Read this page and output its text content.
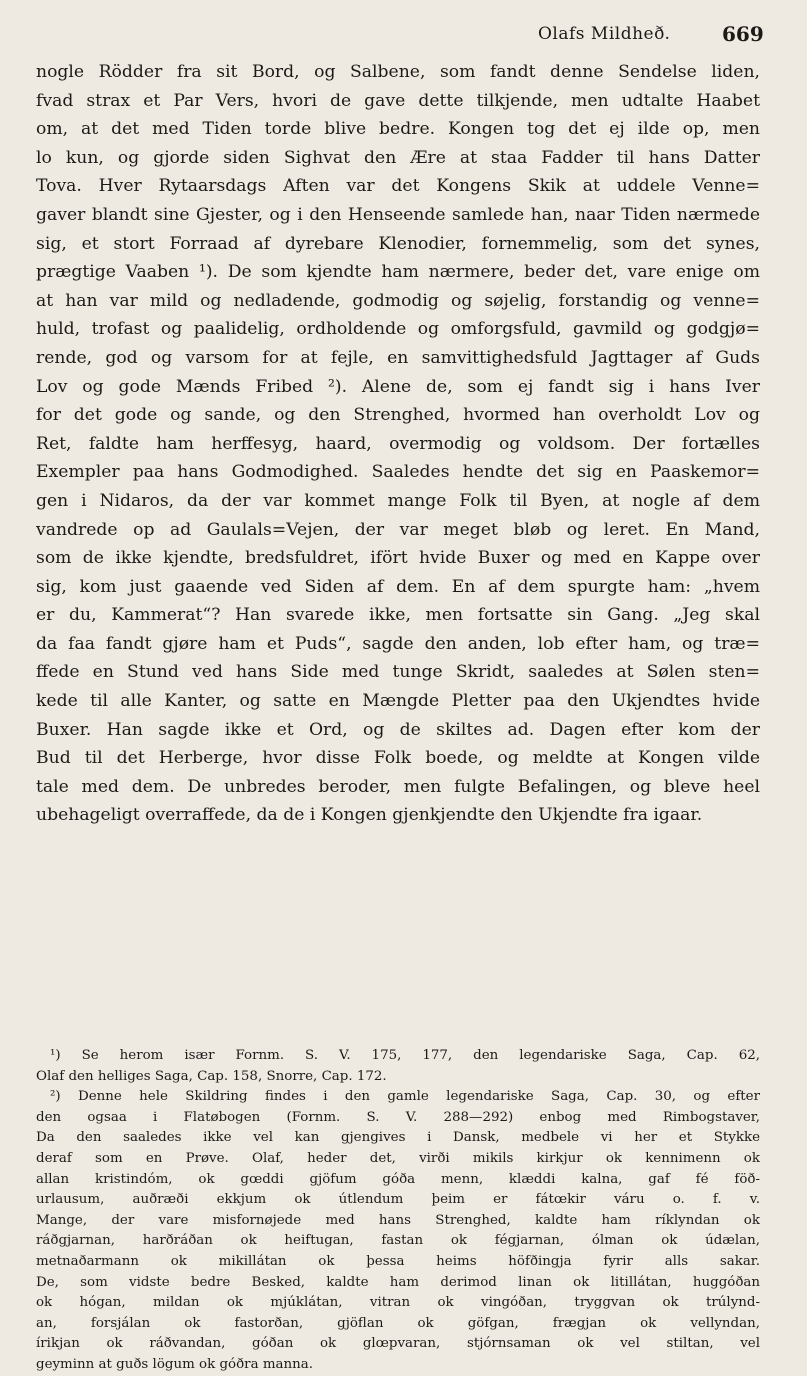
Olafs Mildheð.	669

nogle Rödder fra sit Bord, og Salbene, som fandt denne Sendelse liden,
fvad strax et Par Vers, hvori de gave dette tilkjende, men udtalte Haabet
om, at det med Tiden torde blive bedre. Kongen tog det ej ilde op, men
lo kun, og gjorde siden Sighvat den Ære at staa Fadder til hans Datter
Tova. Hver Rytaarsdags Aften var det Kongens Skik at uddele Venne=
gaver blandt sine Gjester, og i den Henseende samlede han, naar Tiden nærmede
sig, et stort Forraad af dyrebare Klenodier, fornemmelig, som det synes,
prægtige Vaaben ¹). De som kjendte ham nærmere, beder det, vare enige om
at han var mild og nedladende, godmodig og søjelig, forstandig og venne=
huld, trofast og paalidelig, ordholdende og omforgsfuld, gavmild og godgjø=
rende, god og varsom for at fejle, en samvittighedsfuld Jagttager af Guds
Lov og gode Mænds Fribed ²). Alene de, som ej fandt sig i hans Iver
for det gode og sande, og den Strenghed, hvormed han overholdt Lov og
Ret, faldte ham herffesyg, haard, overmodig og voldsom. Der fortælles
Exempler paa hans Godmodighed. Saaledes hendte det sig en Paaskemor=
gen i Nidaros, da der var kommet mange Folk til Byen, at nogle af dem
vandrede op ad Gaulals=Vejen, der var meget bløb og leret. En Mand,
som de ikke kjendte, bredsfuldret, ifört hvide Buxer og med en Kappe over
sig, kom just gaaende ved Siden af dem. En af dem spurgte ham: „hvem
er du, Kammerat“? Han svarede ikke, men fortsatte sin Gang. „Jeg skal
da faa fandt gjøre ham et Puds“, sagde den anden, lob efter ham, og træ=
ffede en Stund ved hans Side med tunge Skridt, saaledes at Sølen sten=
kede til alle Kanter, og satte en Mængde Pletter paa den Ukjendtes hvide
Buxer. Han sagde ikke et Ord, og de skiltes ad. Dagen efter kom der
Bud til det Herberge, hvor disse Folk boede, og meldte at Kongen vilde
tale med dem. De unbredes beroder, men fulgte Befalingen, og bleve heel
ubehageligt overraffede, da de i Kongen gjenkjendte den Ukjendte fra igaar.

¹) Se herom især Fornm. S. V. 175, 177, den legendariske Saga, Cap. 62,
Olaf den helliges Saga, Cap. 158, Snorre, Cap. 172.

²) Denne hele Skildring findes i den gamle legendariske Saga, Cap. 30, og efter
den ogsaa i Flatøbogen (Fornm. S. V. 288—292) enbog med Rimbogstaver,
Da den saaledes ikke vel kan gjengives i Dansk, medbele vi her et Stykke
deraf som en Prøve. Olaf, heder det, virði mikils kirkjur ok kennimenn ok
allan kristindóm, ok gœddi gjöfum góða menn, klæddi kalna, gaf fé föð-
urlausum, auðræði ekkjum ok útlendum þeim er fátœkir váru o. f. v.
Mange, der vare misfornøjede med hans Strenghed, kaldte ham ríklyndan ok
ráðgjarnan, harðráðan ok heiftugan, fastan ok fégjarnan, ólman ok údælan,
metnaðarmann ok mikillátan ok þessa heims höfðingja fyrir alls sakar.
De, som vidste bedre Besked, kaldte ham derimod linan ok litillátan, huggóðan
ok hógan, mildan ok mjúklátan, vitran ok vingóðan, tryggvan ok trúlynd-
an, forsjálan ok fastorðan, gjöflan ok göfgan, frægjan ok vellyndan,
írikjan ok ráðvandan, góðan ok glœpvaran, stjórnsaman ok vel stiltan, vel
geyminn at guðs lögum ok góðra manna.
